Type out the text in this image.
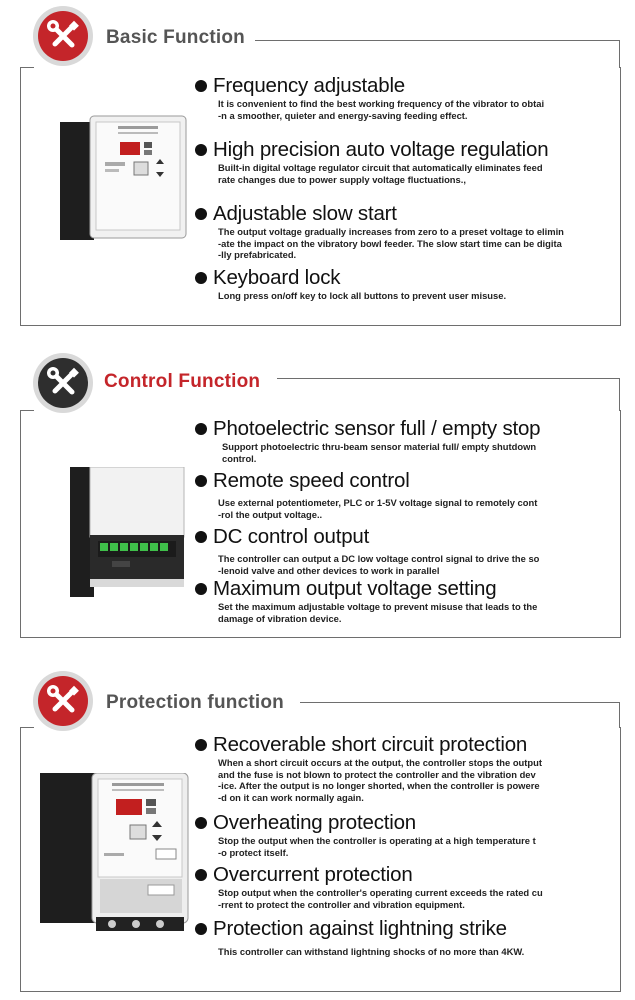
Basic Function
Frequency adjustable
It is convenient to find the best working frequency of the vibrator to obtai
-n a smoother, quieter and energy-saving feeding effect.
High precision auto voltage regulation
Built-in digital voltage regulator circuit that automatically eliminates feed
rate changes due to power supply voltage fluctuations.,
Adjustable slow start
The output voltage gradually increases from zero to a preset voltage to elimin
-ate the impact on the vibratory bowl feeder. The slow start time can be digita
-lly prefabricated.
Keyboard lock
Long press on/off key to lock all buttons to prevent user misuse.
Control Function
Photoelectric sensor full / empty stop
Support photoelectric thru-beam sensor material full/ empty shutdown
control.
Remote speed control
Use external potentiometer, PLC or 1-5V voltage signal to remotely cont
-rol the output voltage..
DC control output
The controller can output a DC low voltage control signal to drive the so
-lenoid valve and other devices to work in parallel
Maximum output voltage setting
Set the maximum adjustable voltage to prevent misuse that leads to the
damage of vibration device.
Protection function
Recoverable short circuit protection
When a short circuit occurs at the output, the controller stops the output
and the fuse is not blown to protect the controller and the vibration dev
-ice. After the output is no longer shorted, when the controller is powere
-d on it can work normally again.
Overheating protection
Stop the output when the controller is operating at a high temperature t
-o protect itself.
Overcurrent protection
Stop output when the controller's operating current exceeds the rated cu
-rrent to protect the controller and vibration equipment.
Protection against lightning strike
This controller can withstand lightning shocks of no more than 4KW.
